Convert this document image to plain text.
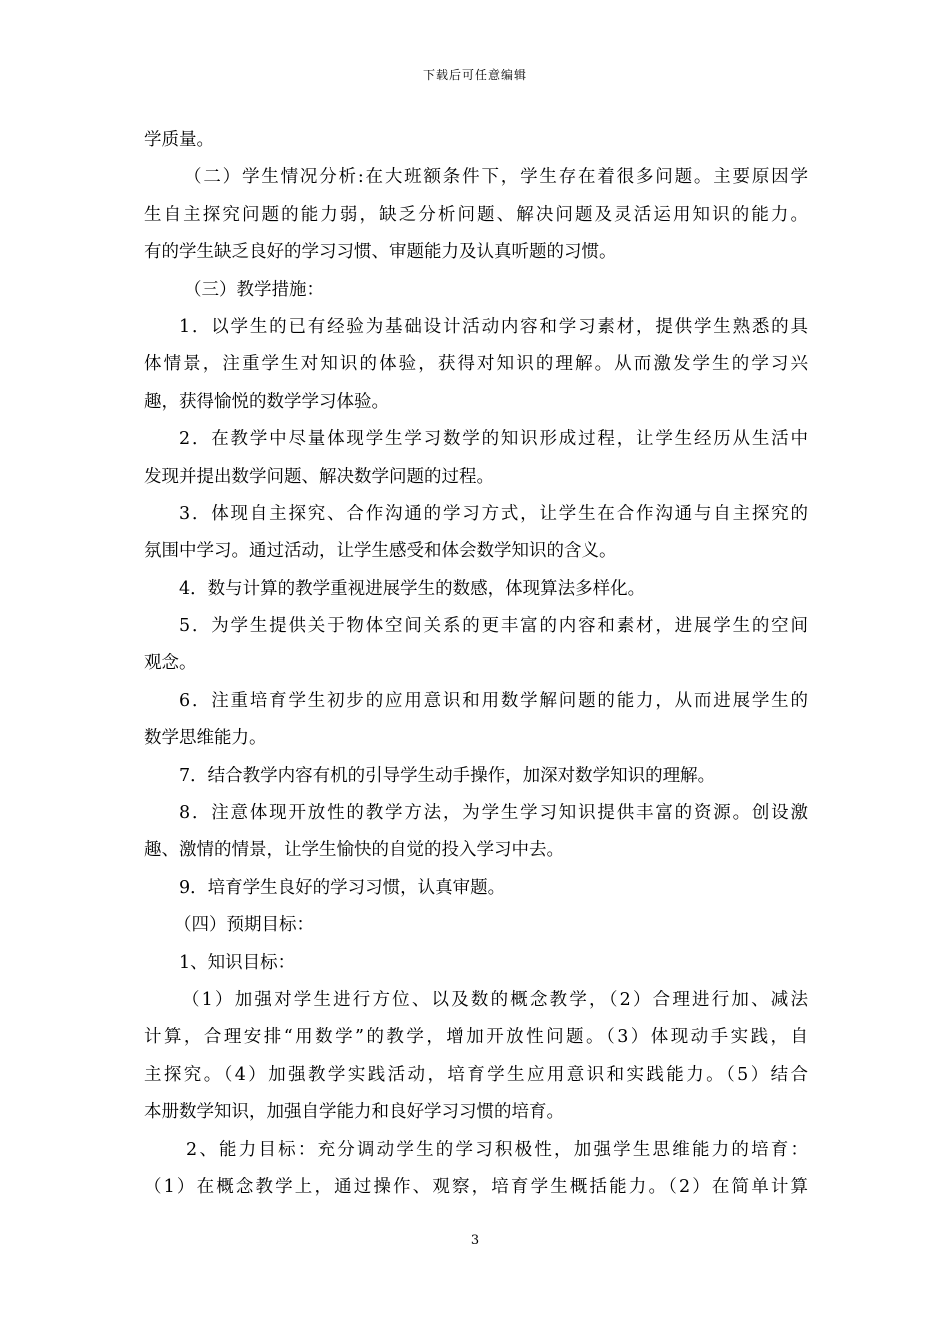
下载后可任意编辑
学质量。
（二）学生情况分析:在大班额条件下，学生存在着很多问题。主要原因学
生自主探究问题的能力弱，缺乏分析问题、解决问题及灵活运用知识的能力。
有的学生缺乏良好的学习习惯、审题能力及认真听题的习惯。
（三）教学措施：
1．以学生的已有经验为基础设计活动内容和学习素材，提供学生熟悉的具
体情景，注重学生对知识的体验，获得对知识的理解。从而激发学生的学习兴
趣，获得愉悦的数学学习体验。
2．在教学中尽量体现学生学习数学的知识形成过程，让学生经历从生活中
发现并提出数学问题、解决数学问题的过程。
3．体现自主探究、合作沟通的学习方式，让学生在合作沟通与自主探究的
氛围中学习。通过活动，让学生感受和体会数学知识的含义。
4．数与计算的教学重视进展学生的数感，体现算法多样化。
5．为学生提供关于物体空间关系的更丰富的内容和素材，进展学生的空间
观念。
6．注重培育学生初步的应用意识和用数学解问题的能力，从而进展学生的
数学思维能力。
7．结合教学内容有机的引导学生动手操作，加深对数学知识的理解。
8．注意体现开放性的教学方法，为学生学习知识提供丰富的资源。创设激
趣、激情的情景，让学生愉快的自觉的投入学习中去。
9．培育学生良好的学习习惯，认真审题。
（四）预期目标：
1、知识目标：
（1）加强对学生进行方位、以及数的概念教学，（2）合理进行加、减法
计算，合理安排“用数学”的教学，增加开放性问题。（3）体现动手实践，自
主探究。（4）加强教学实践活动，培育学生应用意识和实践能力。（5）结合
本册数学知识，加强自学能力和良好学习习惯的培育。
2、能力目标：充分调动学生的学习积极性，加强学生思维能力的培育：
（1）在概念教学上，通过操作、观察，培育学生概括能力。（2）在简单计算
3
